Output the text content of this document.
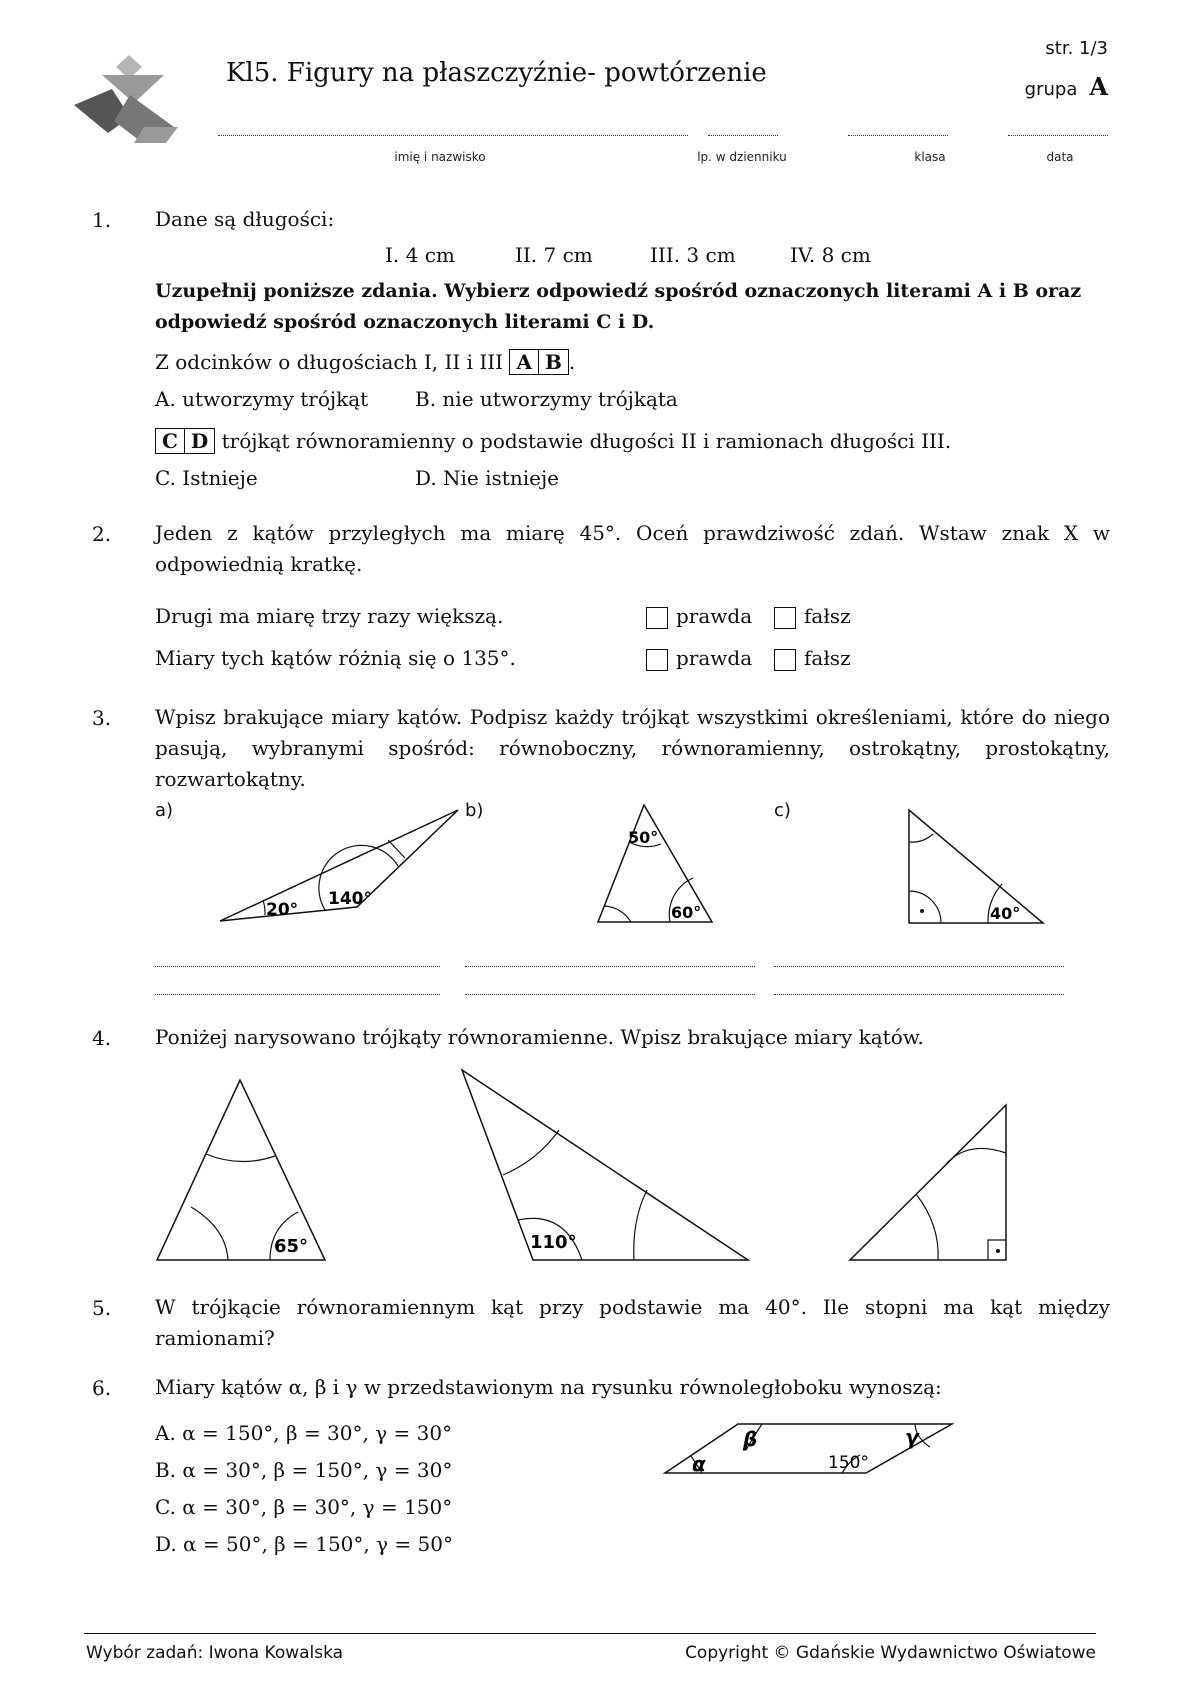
Kl5. Figury na płaszczyźnie- powtórzenie
str. 1/3
grupa A
imię i nazwisko	lp. w dzienniku	klasa	data
1. Dane są długości:
I. 4 cm	II. 7 cm	III. 3 cm	IV. 8 cm
Uzupełnij poniższe zdania. Wybierz odpowiedź spośród oznaczonych literami A i B oraz odpowiedź spośród oznaczonych literami C i D.
Z odcinków o długościach I, II i III A B .
A. utworzymy trójkąt B. nie utworzymy trójkąta
C D trójkąt równoramienny o podstawie długości II i ramionach długości III.
C. Istnieje	D. Nie istnieje
2. Jeden z kątów przyległych ma miarę 45°. Oceń prawdziwość zdań. Wstaw znak X w odpowiednią kratkę.
Drugi ma miarę trzy razy większą.	prawda	fałsz
Miary tych kątów różnią się o 135°.	prawda	fałsz
3. Wpisz brakujące miary kątów. Podpisz każdy trójkąt wszystkimi określeniami, które do niego pasują, wybranymi spośród: równoboczny, równoramienny, ostrokątny, prostokątny, rozwartokątny.
a)	b)	c)
20°
140°
50°
60°	40°
4. Poniżej narysowano trójkąty równoramienne. Wpisz brakujące miary kątów.
65°	110°
5. W trójkącie równoramiennym kąt przy podstawie ma 40°. Ile stopni ma kąt między ramionami?
6. Miary kątów α, β i γ w przedstawionym na rysunku równoległoboku wynoszą:
A. α = 150°, β = 30°, γ = 30°
B. α = 30°, β = 150°, γ = 30°
C. α = 30°, β = 30°, γ = 150°
D. α = 50°, β = 150°, γ = 50°
α
β	γ
150°
Wybór zadań: Iwona Kowalska	Copyright © Gdańskie Wydawnictwo Oświatowe
